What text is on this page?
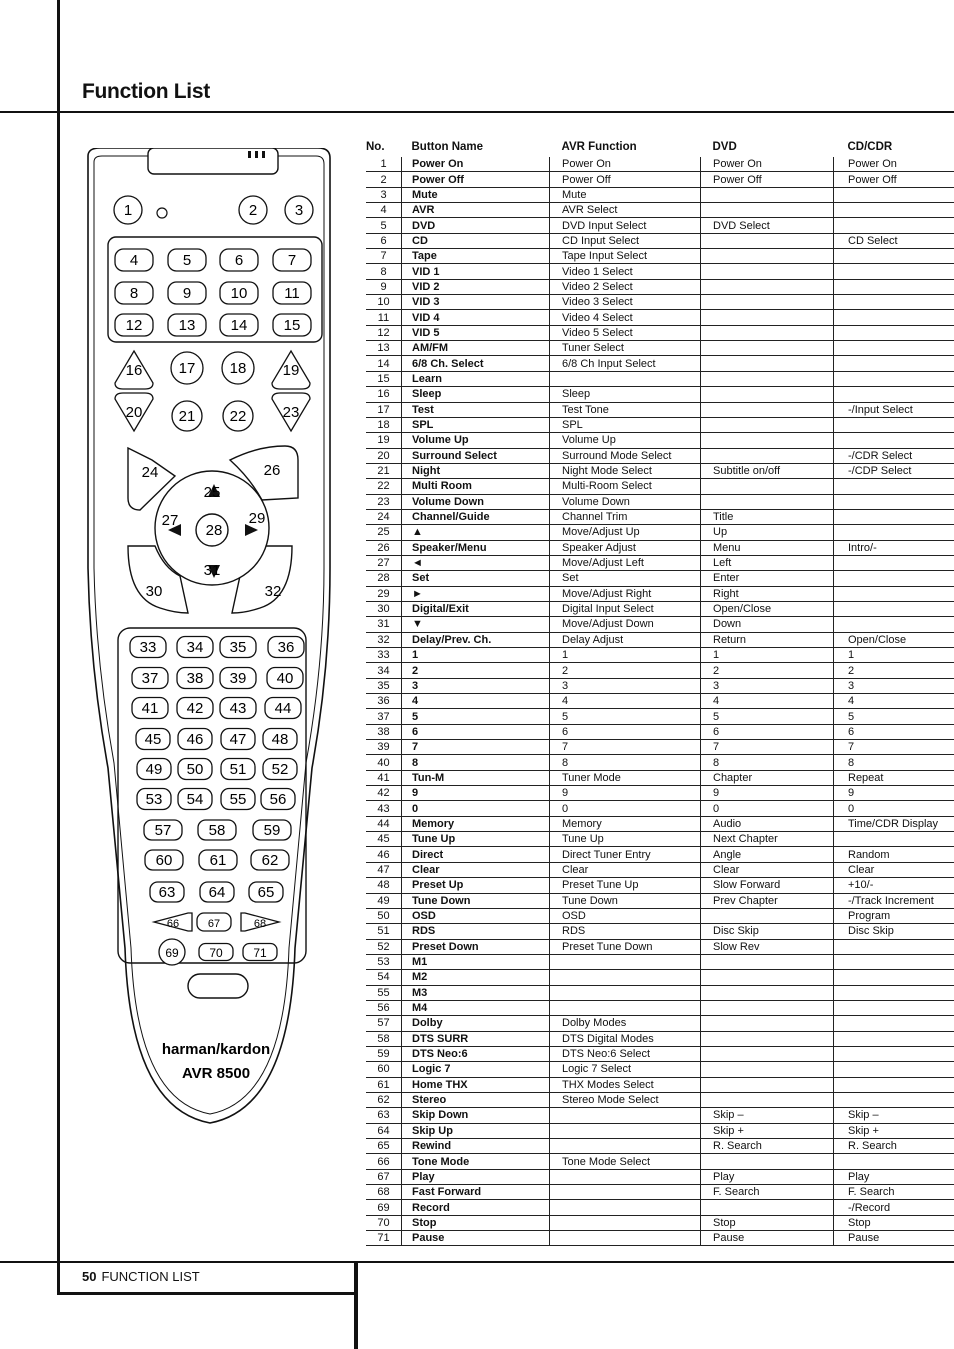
Function List
1	2	3
4	5	6	7
8	9	10 11
12 13 14 15
16 17 18 19
20 21 22 23
24
25
26
27
28
29
30
31
32
33 34 35 36
37 38 39 40
41 42 43 44
45 46 47 48
49 50 51 52
53 54 55 56
57 58	59
60 61 62
63 64 65
66	67	68
69	70	71
harman/kardon
AVR 8500
No.	Button Name	AVR Function	DVD	CD/CDR
1	Power On	Power On	Power On	Power On
2	Power Off	Power Off	Power Off	Power Off
3	Mute	Mute		
4	AVR	AVR Select		
5	DVD	DVD Input Select	DVD Select	
6	CD	CD Input Select		CD Select
7	Tape	Tape Input Select		
8	VID 1	Video 1 Select		
9	VID 2	Video 2 Select		
10	VID 3	Video 3 Select		
11	VID 4	Video 4 Select		
12	VID 5	Video 5 Select		
13	AM/FM	Tuner Select		
14	6/8 Ch. Select	6/8 Ch Input Select		
15	Learn			
16	Sleep	Sleep		
17	Test	Test Tone		-/Input Select
18	SPL	SPL		
19	Volume Up	Volume Up		
20	Surround Select	Surround Mode Select		-/CDR Select
21	Night	Night Mode Select	Subtitle on/off	-/CDP Select
22	Multi Room	Multi-Room Select		
23	Volume Down	Volume Down		
24	Channel/Guide	Channel Trim	Title	
25	▲	Move/Adjust Up	Up	
26	Speaker/Menu	Speaker Adjust	Menu	Intro/-
27	◄	Move/Adjust Left	Left	
28	Set	Set	Enter	
29	►	Move/Adjust Right	Right	
30	Digital/Exit	Digital Input Select	Open/Close	
31	▼	Move/Adjust Down	Down	
32	Delay/Prev. Ch.	Delay Adjust	Return	Open/Close
33	1	1	1	1
34	2	2	2	2
35	3	3	3	3
36	4	4	4	4
37	5	5	5	5
38	6	6	6	6
39	7	7	7	7
40	8	8	8	8
41	Tun-M	Tuner Mode	Chapter	Repeat
42	9	9	9	9
43	0	0	0	0
44	Memory	Memory	Audio	Time/CDR Display
45	Tune Up	Tune Up	Next Chapter	
46	Direct	Direct Tuner Entry	Angle	Random
47	Clear	Clear	Clear	Clear
48	Preset Up	Preset Tune Up	Slow Forward	+10/-
49	Tune Down	Tune Down	Prev Chapter	-/Track Increment
50	OSD	OSD		Program
51	RDS	RDS	Disc Skip	Disc Skip
52	Preset Down	Preset Tune Down	Slow Rev	
53	M1			
54	M2			
55	M3			
56	M4			
57	Dolby	Dolby Modes		
58	DTS SURR	DTS Digital Modes		
59	DTS Neo:6	DTS Neo:6 Select		
60	Logic 7	Logic 7 Select		
61	Home THX	THX Modes Select		
62	Stereo	Stereo Mode Select		
63	Skip Down		Skip –	Skip –
64	Skip Up		Skip +	Skip +
65	Rewind		R. Search	R. Search
66	Tone Mode	Tone Mode Select		
67	Play		Play	Play
68	Fast Forward		F. Search	F. Search
69	Record			-/Record
70	Stop		Stop	Stop
71	Pause		Pause	Pause
50 FUNCTION LIST
